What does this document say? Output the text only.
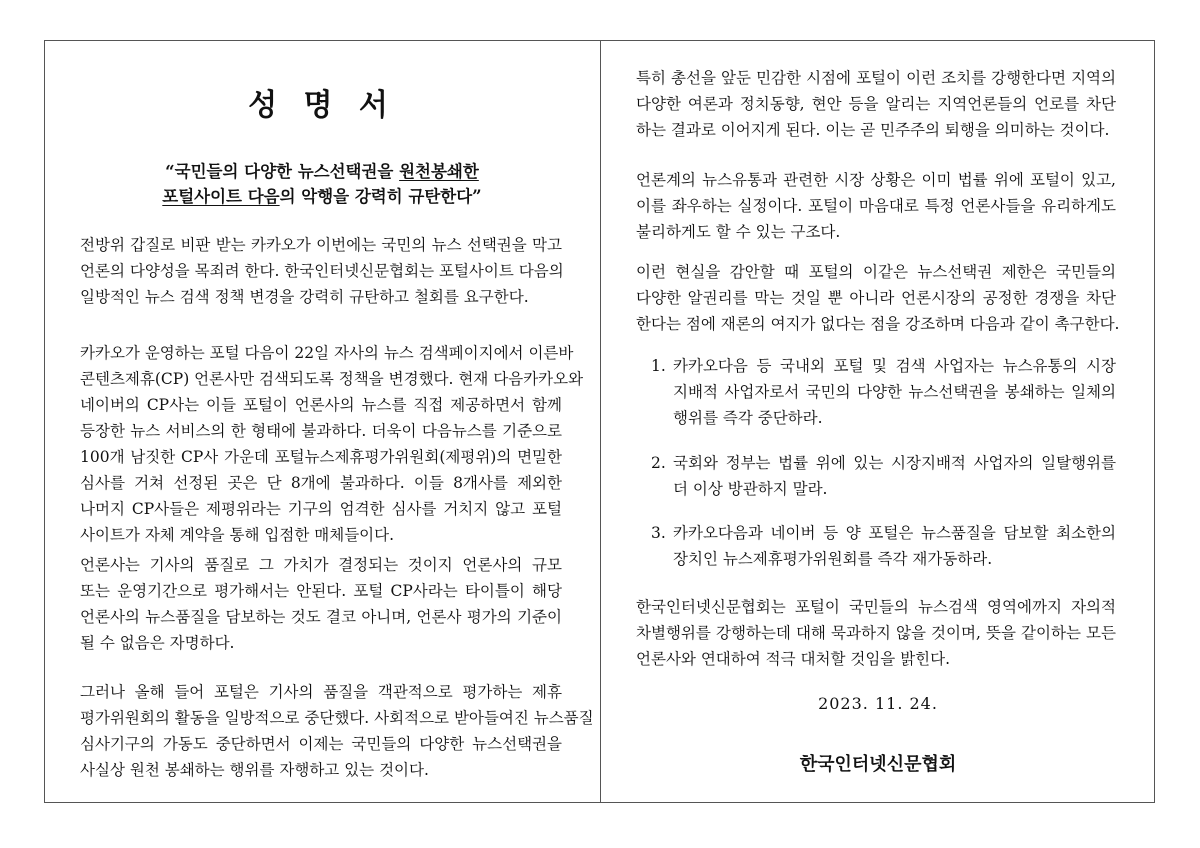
성 명 서
“국민들의 다양한 뉴스선택권을 원천봉쇄한
포털사이트 다음의 악행을 강력히 규탄한다”
전방위 갑질로 비판 받는 카카오가 이번에는 국민의 뉴스 선택권을 막고
언론의 다양성을 목죄려 한다. 한국인터넷신문협회는 포털사이트 다음의
일방적인 뉴스 검색 정책 변경을 강력히 규탄하고 철회를 요구한다.
카카오가 운영하는 포털 다음이 22일 자사의 뉴스 검색페이지에서 이른바
콘텐츠제휴(CP) 언론사만 검색되도록 정책을 변경했다. 현재 다음카카오와
네이버의 CP사는 이들 포털이 언론사의 뉴스를 직접 제공하면서 함께
등장한 뉴스 서비스의 한 형태에 불과하다. 더욱이 다음뉴스를 기준으로
100개 남짓한 CP사 가운데 포털뉴스제휴평가위원회(제평위)의 면밀한
심사를 거쳐 선정된 곳은 단 8개에 불과하다. 이들 8개사를 제외한
나머지 CP사들은 제평위라는 기구의 엄격한 심사를 거치지 않고 포털
사이트가 자체 계약을 통해 입점한 매체들이다.
언론사는 기사의 품질로 그 가치가 결정되는 것이지 언론사의 규모
또는 운영기간으로 평가해서는 안된다. 포털 CP사라는 타이틀이 해당
언론사의 뉴스품질을 담보하는 것도 결코 아니며, 언론사 평가의 기준이
될 수 없음은 자명하다.
그러나 올해 들어 포털은 기사의 품질을 객관적으로 평가하는 제휴
평가위원회의 활동을 일방적으로 중단했다. 사회적으로 받아들여진 뉴스품질
심사기구의 가동도 중단하면서 이제는 국민들의 다양한 뉴스선택권을
사실상 원천 봉쇄하는 행위를 자행하고 있는 것이다.
특히 총선을 앞둔 민감한 시점에 포털이 이런 조치를 강행한다면 지역의
다양한 여론과 정치동향, 현안 등을 알리는 지역언론들의 언로를 차단
하는 결과로 이어지게 된다. 이는 곧 민주주의 퇴행을 의미하는 것이다.
언론계의 뉴스유통과 관련한 시장 상황은 이미 법률 위에 포털이 있고,
이를 좌우하는 실정이다. 포털이 마음대로 특정 언론사들을 유리하게도
불리하게도 할 수 있는 구조다.
이런 현실을 감안할 때 포털의 이같은 뉴스선택권 제한은 국민들의
다양한 알권리를 막는 것일 뿐 아니라 언론시장의 공정한 경쟁을 차단
한다는 점에 재론의 여지가 없다는 점을 강조하며 다음과 같이 촉구한다.
1. 카카오다음 등 국내외 포털 및 검색 사업자는 뉴스유통의 시장
지배적 사업자로서 국민의 다양한 뉴스선택권을 봉쇄하는 일체의
행위를 즉각 중단하라.
2. 국회와 정부는 법률 위에 있는 시장지배적 사업자의 일탈행위를
더 이상 방관하지 말라.
3. 카카오다음과 네이버 등 양 포털은 뉴스품질을 담보할 최소한의
장치인 뉴스제휴평가위원회를 즉각 재가동하라.
한국인터넷신문협회는 포털이 국민들의 뉴스검색 영역에까지 자의적
차별행위를 강행하는데 대해 묵과하지 않을 것이며, 뜻을 같이하는 모든
언론사와 연대하여 적극 대처할 것임을 밝힌다.
2023. 11. 24.
한국인터넷신문협회
